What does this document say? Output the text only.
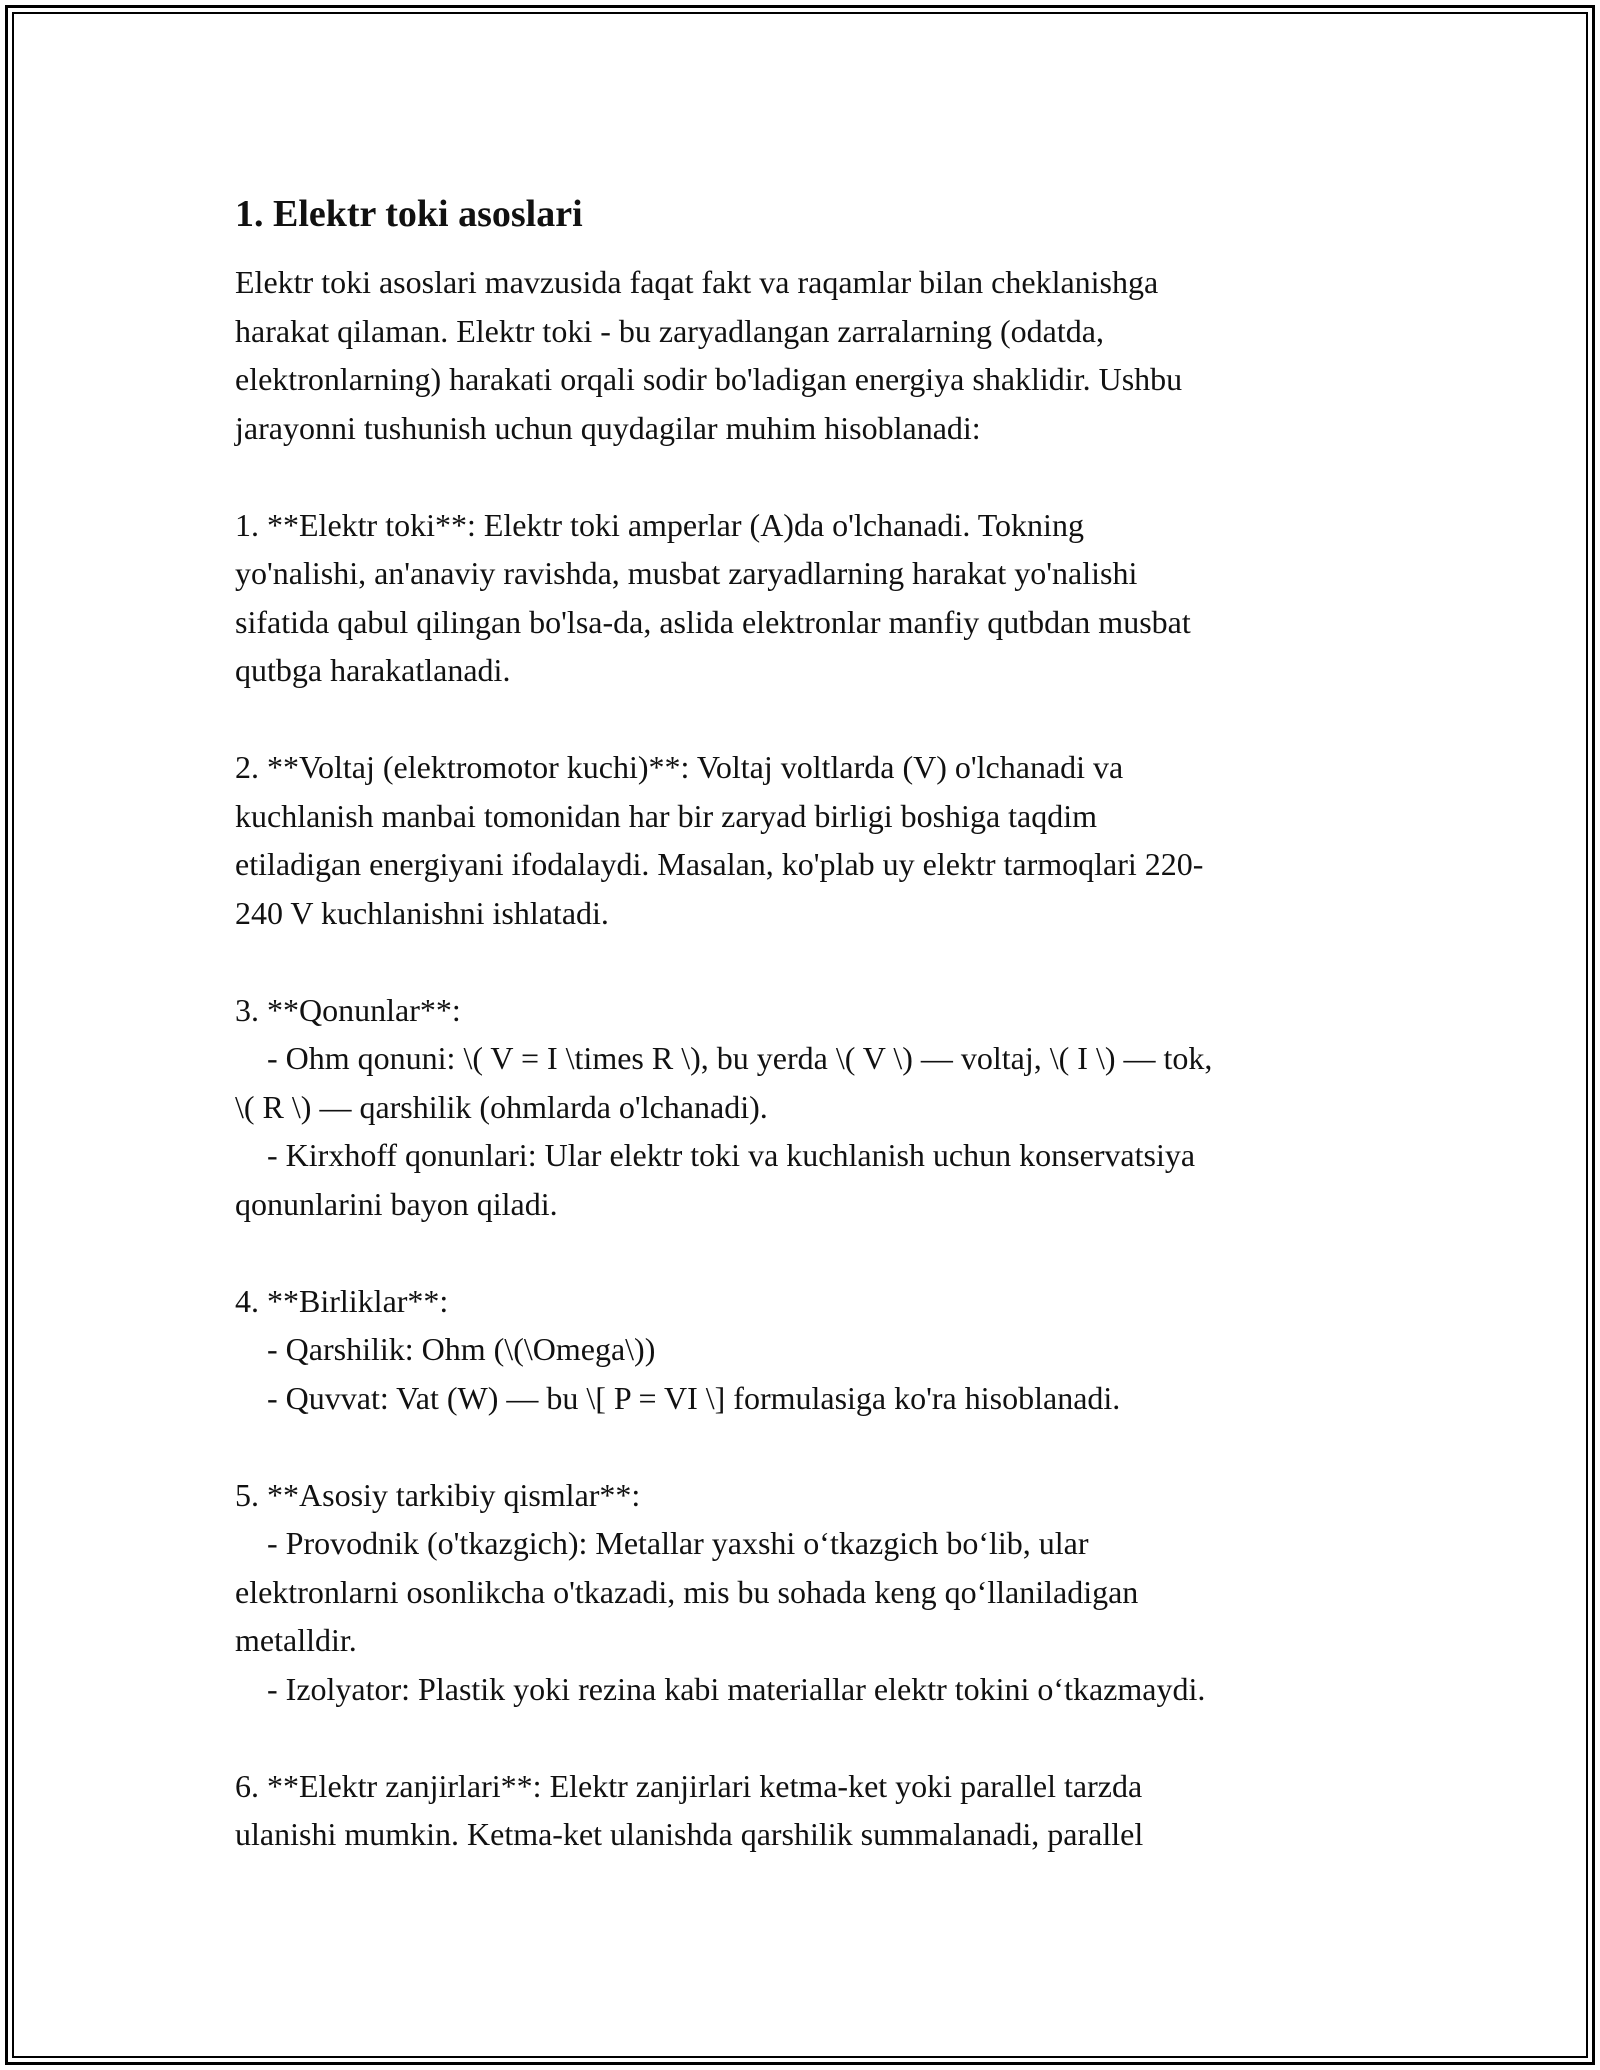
1. Elektr toki asoslari
Elektr toki asoslari mavzusida faqat fakt va raqamlar bilan cheklanishga
harakat qilaman. Elektr toki - bu zaryadlangan zarralarning (odatda,
elektronlarning) harakati orqali sodir bo'ladigan energiya shaklidir. Ushbu
jarayonni tushunish uchun quydagilar muhim hisoblanadi:

1. **Elektr toki**: Elektr toki amperlar (A)da o'lchanadi. Tokning
yo'nalishi, an'anaviy ravishda, musbat zaryadlarning harakat yo'nalishi
sifatida qabul qilingan bo'lsa-da, aslida elektronlar manfiy qutbdan musbat
qutbga harakatlanadi.

2. **Voltaj (elektromotor kuchi)**: Voltaj voltlarda (V) o'lchanadi va
kuchlanish manbai tomonidan har bir zaryad birligi boshiga taqdim
etiladigan energiyani ifodalaydi. Masalan, ko'plab uy elektr tarmoqlari 220-
240 V kuchlanishni ishlatadi.

3. **Qonunlar**:
- Ohm qonuni: \( V = I \times R \), bu yerda \( V \) — voltaj, \( I \) — tok,
\( R \) — qarshilik (ohmlarda o'lchanadi).
- Kirxhoff qonunlari: Ular elektr toki va kuchlanish uchun konservatsiya
qonunlarini bayon qiladi.

4. **Birliklar**:
- Qarshilik: Ohm (\(\Omega\))
- Quvvat: Vat (W) — bu \[ P = VI \] formulasiga ko'ra hisoblanadi.

5. **Asosiy tarkibiy qismlar**:
- Provodnik (o'tkazgich): Metallar yaxshi o‘tkazgich bo‘lib, ular
elektronlarni osonlikcha o'tkazadi, mis bu sohada keng qo‘llaniladigan
metalldir.
- Izolyator: Plastik yoki rezina kabi materiallar elektr tokini o‘tkazmaydi.

6. **Elektr zanjirlari**: Elektr zanjirlari ketma-ket yoki parallel tarzda
ulanishi mumkin. Ketma-ket ulanishda qarshilik summalanadi, parallel
